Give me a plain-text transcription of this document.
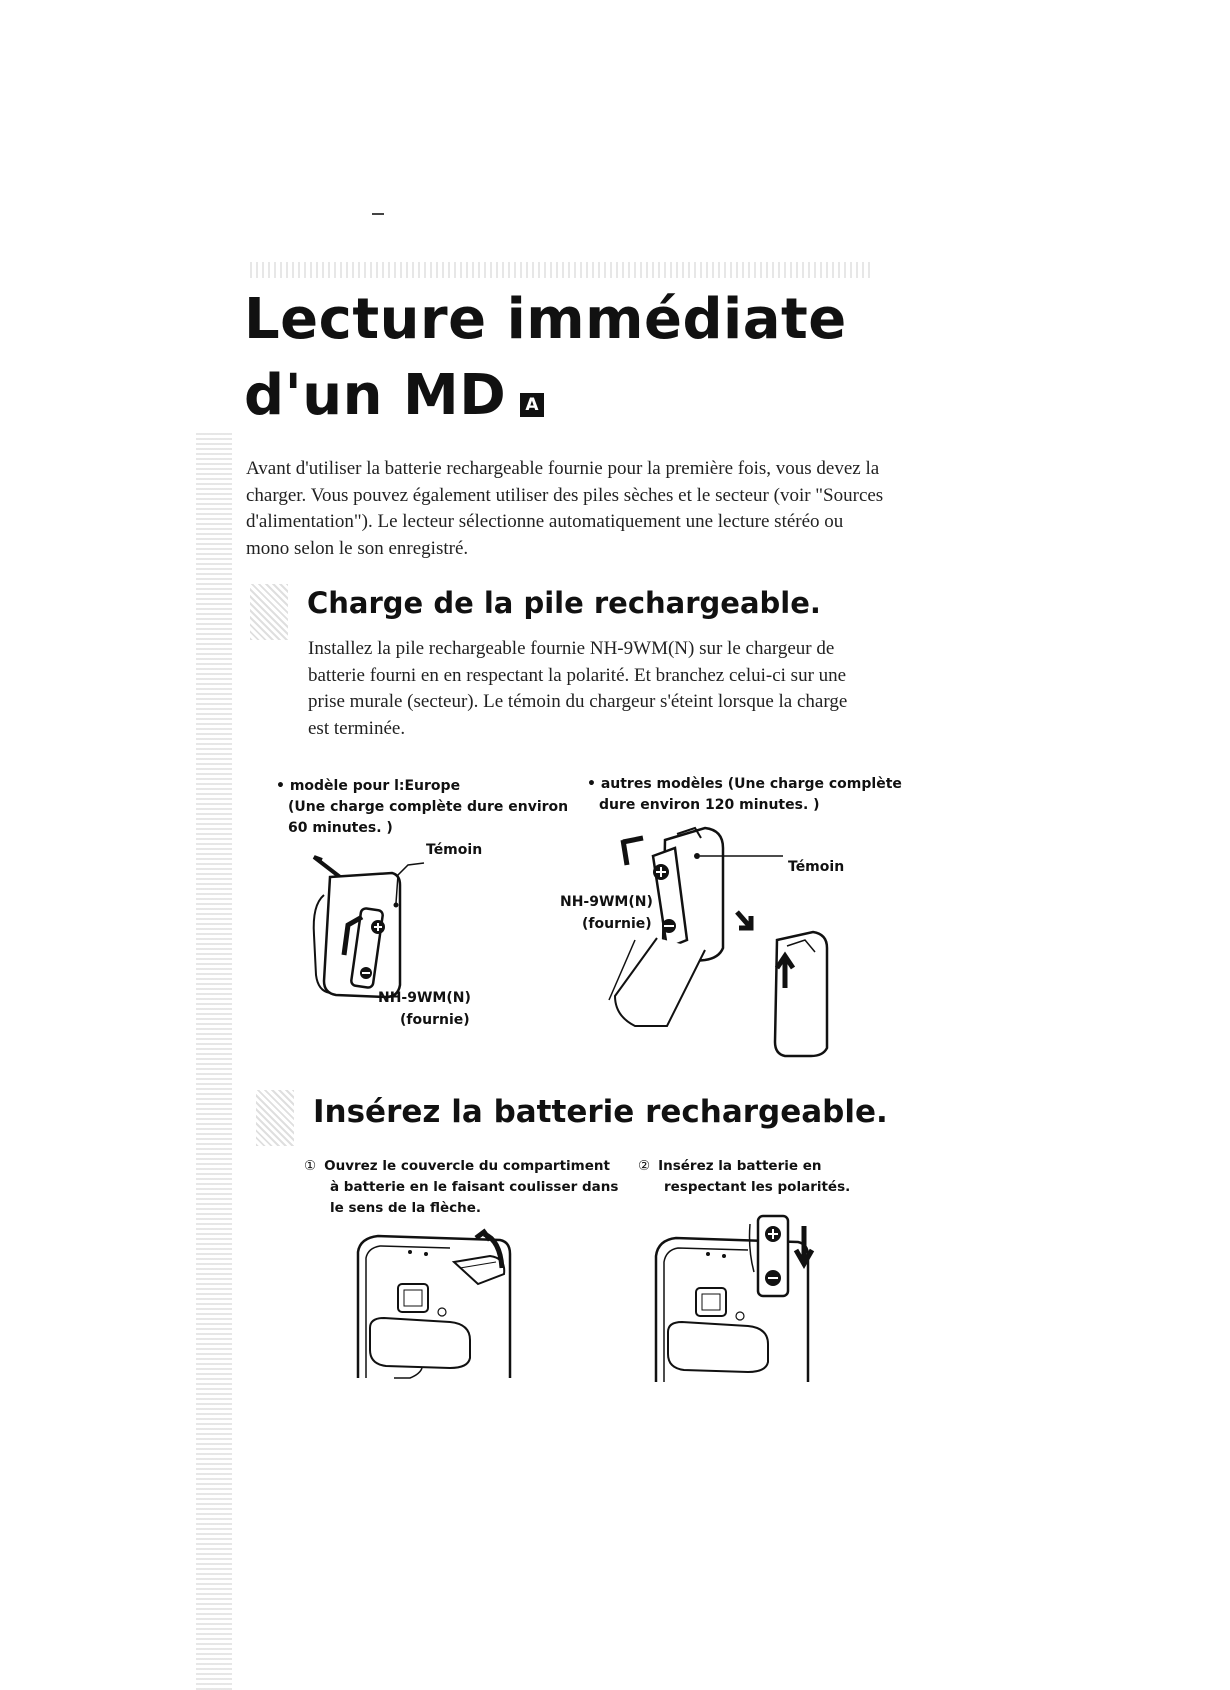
Lecture immédiate
d'un MD A

Avant d'utiliser la batterie rechargeable fournie pour la première fois, vous devez la charger. Vous pouvez également utiliser des piles sèches et le secteur (voir "Sources d'alimentation"). Le lecteur sélectionne automatiquement une lecture stéréo ou mono selon le son enregistré.

Charge de la pile rechargeable.

Installez la pile rechargeable fournie NH-9WM(N) sur le chargeur de batterie fourni en en respectant la polarité. Et branchez celui-ci sur une prise murale (secteur). Le témoin du chargeur s'éteint lorsque la charge est terminée.

• modèle pour l:Europe
(Une charge complète dure environ
60 minutes. )
• autres modèles (Une charge complète
dure environ 120 minutes. )
Témoin
NH-9WM(N)
(fournie)
Témoin
NH-9WM(N)
(fournie)
Insérez la batterie rechargeable.
① Ouvrez le couvercle du compartiment
à batterie en le faisant coulisser dans
le sens de la flèche.
② Insérez la batterie en
respectant les polarités.
